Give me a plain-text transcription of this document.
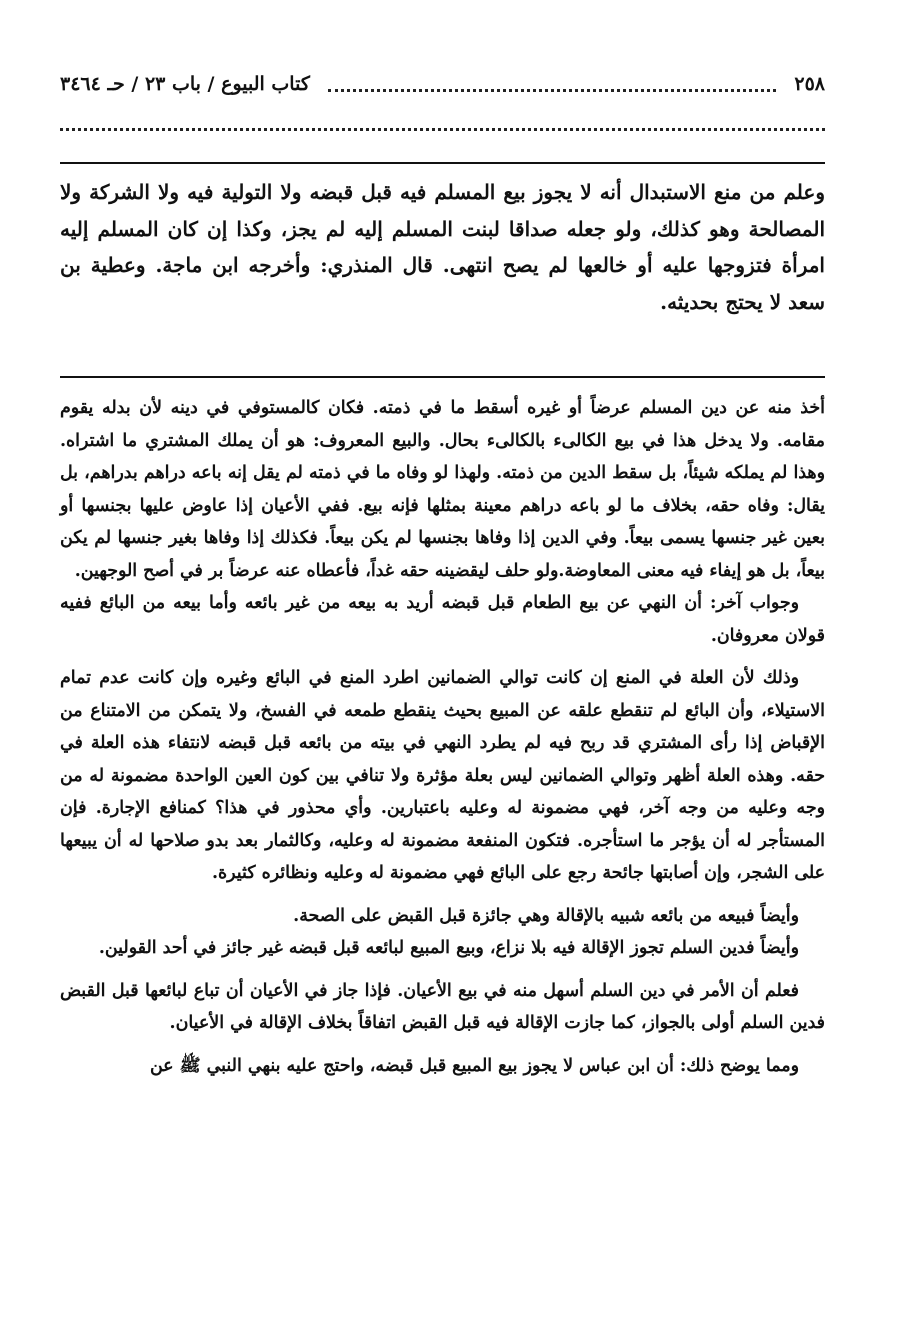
٢٥٨
كتاب البيوع / باب ٢٣ / حـ ٣٤٦٤
وعلم من منع الاستبدال أنه لا يجوز بيع المسلم فيه قبل قبضه ولا التولية فيه ولا الشركة ولا المصالحة وهو كذلك، ولو جعله صداقا لبنت المسلم إليه لم يجز، وكذا إن كان المسلم إليه امرأة فتزوجها عليه أو خالعها لم يصح انتهى. قال المنذري: وأخرجه ابن ماجة. وعطية بن سعد لا يحتج بحديثه.

أخذ منه عن دين المسلم عرضاً أو غيره أسقط ما في ذمته. فكان كالمستوفي في دينه لأن بدله يقوم مقامه. ولا يدخل هذا في بيع الكالىء بالكالىء بحال. والبيع المعروف: هو أن يملك المشتري ما اشتراه. وهذا لم يملكه شيئاً، بل سقط الدين من ذمته. ولهذا لو وفاه ما في ذمته لم يقل إنه باعه دراهم بدراهم، بل يقال: وفاه حقه، بخلاف ما لو باعه دراهم معينة بمثلها فإنه بيع. ففي الأعيان إذا عاوض عليها بجنسها أو بعين غير جنسها يسمى بيعاً. وفي الدين إذا وفاها بجنسها لم يكن بيعاً. فكذلك إذا وفاها بغير جنسها لم يكن بيعاً، بل هو إيفاء فيه معنى المعاوضة.ولو حلف ليقضينه حقه غداً، فأعطاه عنه عرضاً بر في أصح الوجهين.

وجواب آخر: أن النهي عن بيع الطعام قبل قبضه أريد به بيعه من غير بائعه وأما بيعه من البائع ففيه قولان معروفان.

وذلك لأن العلة في المنع إن كانت توالي الضمانين اطرد المنع في البائع وغيره وإن كانت عدم تمام الاستيلاء، وأن البائع لم تنقطع علقه عن المبيع بحيث ينقطع طمعه في الفسخ، ولا يتمكن من الامتناع من الإقباض إذا رأى المشتري قد ربح فيه لم يطرد النهي في بيته من بائعه قبل قبضه لانتفاء هذه العلة في حقه. وهذه العلة أظهر وتوالي الضمانين ليس بعلة مؤثرة ولا تنافي بين كون العين الواحدة مضمونة له من وجه وعليه من وجه آخر، فهي مضمونة له وعليه باعتبارين. وأي محذور في هذا؟ كمنافع الإجارة. فإن المستأجر له أن يؤجر ما استأجره. فتكون المنفعة مضمونة له وعليه، وكالثمار بعد بدو صلاحها له أن يبيعها على الشجر، وإن أصابتها جائحة رجع على البائع فهي مضمونة له وعليه ونظائره كثيرة.

وأيضاً فبيعه من بائعه شبيه بالإقالة وهي جائزة قبل القبض على الصحة.

وأيضاً فدين السلم تجوز الإقالة فيه بلا نزاع، وبيع المبيع لبائعه قبل قبضه غير جائز في أحد القولين.

فعلم أن الأمر في دين السلم أسهل منه في بيع الأعيان. فإذا جاز في الأعيان أن تباع لبائعها قبل القبض فدين السلم أولى بالجواز، كما جازت الإقالة فيه قبل القبض اتفاقاً بخلاف الإقالة في الأعيان.

ومما يوضح ذلك: أن ابن عباس لا يجوز بيع المبيع قبل قبضه، واحتج عليه بنهي النبي ﷺ عن
